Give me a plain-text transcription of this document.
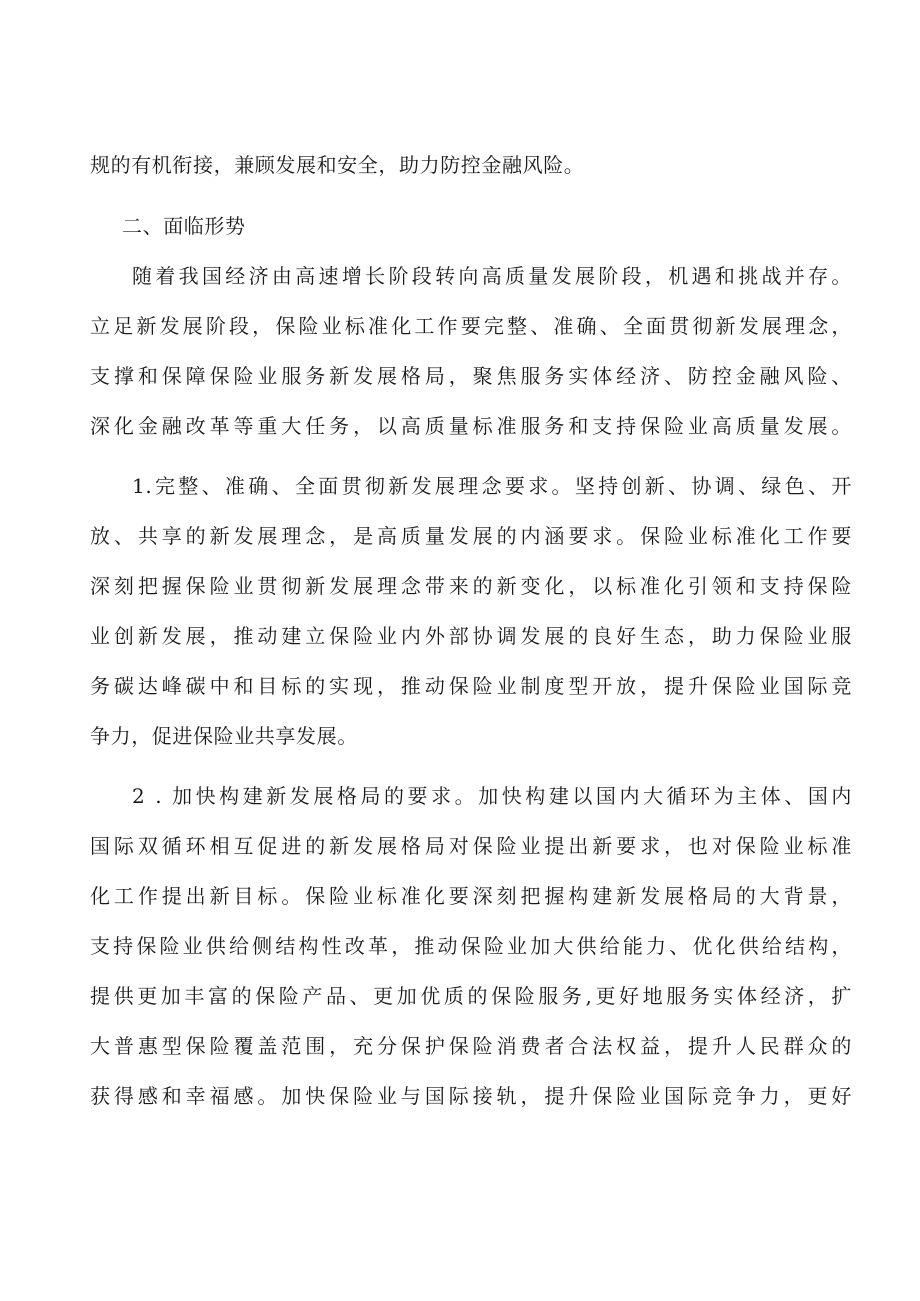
规的有机衔接，兼顾发展和安全，助力防控金融风险。
二、面临形势
随着我国经济由高速增长阶段转向高质量发展阶段，机遇和挑战并存。
立足新发展阶段，保险业标准化工作要完整、准确、全面贯彻新发展理念，
支撑和保障保险业服务新发展格局，聚焦服务实体经济、防控金融风险、
深化金融改革等重大任务，以高质量标准服务和支持保险业高质量发展。
1.完整、准确、全面贯彻新发展理念要求。坚持创新、协调、绿色、开
放、共享的新发展理念，是高质量发展的内涵要求。保险业标准化工作要
深刻把握保险业贯彻新发展理念带来的新变化，以标准化引领和支持保险
业创新发展，推动建立保险业内外部协调发展的良好生态，助力保险业服
务碳达峰碳中和目标的实现，推动保险业制度型开放，提升保险业国际竞
争力，促进保险业共享发展。
2 . 加快构建新发展格局的要求。加快构建以国内大循环为主体、国内
国际双循环相互促进的新发展格局对保险业提出新要求，也对保险业标准
化工作提出新目标。保险业标准化要深刻把握构建新发展格局的大背景，
支持保险业供给侧结构性改革，推动保险业加大供给能力、优化供给结构，
提供更加丰富的保险产品、更加优质的保险服务,更好地服务实体经济，扩
大普惠型保险覆盖范围，充分保护保险消费者合法权益，提升人民群众的
获得感和幸福感。加快保险业与国际接轨，提升保险业国际竞争力，更好
